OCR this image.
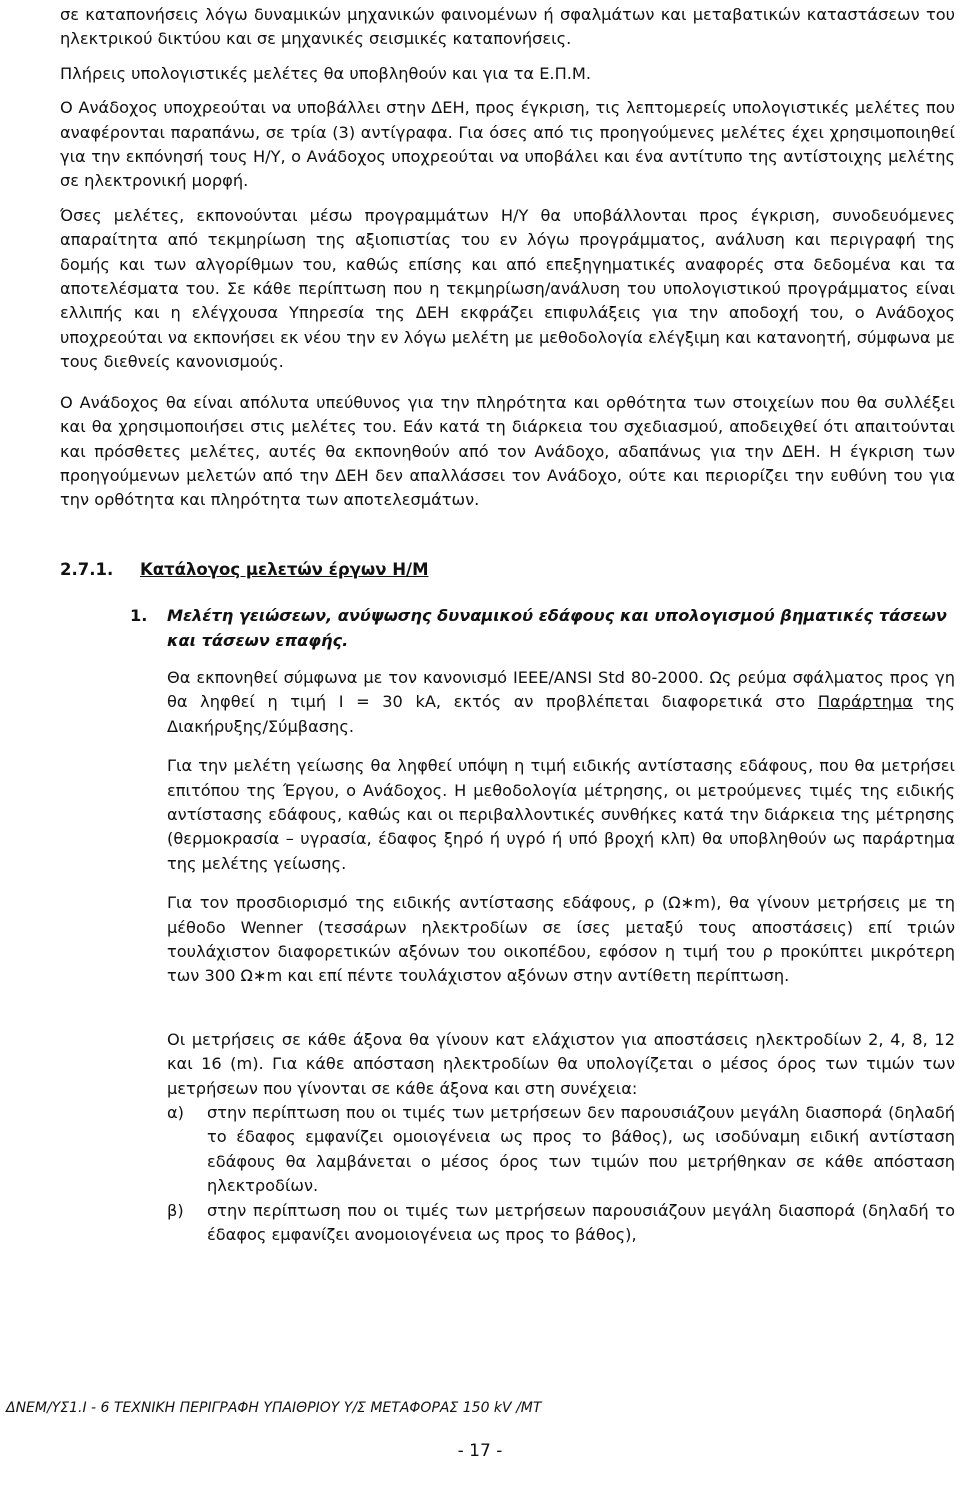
σε καταπονήσεις λόγω δυναμικών μηχανικών φαινομένων ή σφαλμάτων και μεταβατικών καταστάσεων του ηλεκτρικού δικτύου και σε μηχανικές σεισμικές καταπονήσεις.

Πλήρεις υπολογιστικές μελέτες θα υποβληθούν και για τα Ε.Π.Μ.

Ο Ανάδοχος υποχρεούται να υποβάλλει στην ΔΕΗ, προς έγκριση, τις λεπτομερείς υπολογιστικές μελέτες που αναφέρονται παραπάνω, σε τρία (3) αντίγραφα. Για όσες από τις προηγούμενες μελέτες έχει χρησιμοποιηθεί για την εκπόνησή τους Η/Υ, ο Ανάδοχος υποχρεούται να υποβάλει και ένα αντίτυπο της αντίστοιχης μελέτης σε ηλεκτρονική μορφή.

Όσες μελέτες, εκπονούνται μέσω προγραμμάτων Η/Υ θα υποβάλλονται προς έγκριση, συνοδευόμενες απαραίτητα από τεκμηρίωση της αξιοπιστίας του εν λόγω προγράμματος, ανάλυση και περιγραφή της δομής και των αλγορίθμων του, καθώς επίσης και από επεξηγηματικές αναφορές στα δεδομένα και τα αποτελέσματα του. Σε κάθε περίπτωση που η τεκμηρίωση/ανάλυση του υπολογιστικού προγράμματος είναι ελλιπής και η ελέγχουσα Υπηρεσία της ΔΕΗ εκφράζει επιφυλάξεις για την αποδοχή του, ο Ανάδοχος υποχρεούται να εκπονήσει εκ νέου την εν λόγω μελέτη με μεθοδολογία ελέγξιμη και κατανοητή, σύμφωνα με τους διεθνείς κανονισμούς.

Ο Ανάδοχος θα είναι απόλυτα υπεύθυνος για την πληρότητα και ορθότητα των στοιχείων που θα συλλέξει και θα χρησιμοποιήσει στις μελέτες του. Εάν κατά τη διάρκεια του σχεδιασμού, αποδειχθεί ότι απαιτούνται και πρόσθετες μελέτες, αυτές θα εκπονηθούν από τον Ανάδοχο, αδαπάνως για την ΔΕΗ. Η έγκριση των προηγούμενων μελετών από την ΔΕΗ δεν απαλλάσσει τον Ανάδοχο, ούτε και περιορίζει την ευθύνη του για την ορθότητα και πληρότητα των αποτελεσμάτων.

2.7.1. Κατάλογος μελετών έργων Η/Μ
1. Μελέτη γειώσεων, ανύψωσης δυναμικού εδάφους και υπολογισμού βηματικές τάσεων και τάσεων επαφής.

Θα εκπονηθεί σύμφωνα με τον κανονισμό IEEE/ANSI Std 80-2000. Ως ρεύμα σφάλματος προς γη θα ληφθεί η τιμή Ι = 30 kA, εκτός αν προβλέπεται διαφορετικά στο Παράρτημα της Διακήρυξης/Σύμβασης.

Για την μελέτη γείωσης θα ληφθεί υπόψη η τιμή ειδικής αντίστασης εδάφους, που θα μετρήσει επιτόπου της Έργου, ο Ανάδοχος. Η μεθοδολογία μέτρησης, οι μετρούμενες τιμές της ειδικής αντίστασης εδάφους, καθώς και οι περιβαλλοντικές συνθήκες κατά την διάρκεια της μέτρησης (θερμοκρασία – υγρασία, έδαφος ξηρό ή υγρό ή υπό βροχή κλπ) θα υποβληθούν ως παράρτημα της μελέτης γείωσης.

Για τον προσδιορισμό της ειδικής αντίστασης εδάφους, ρ (Ω∗m), θα γίνουν μετρήσεις με τη μέθοδο Wenner (τεσσάρων ηλεκτροδίων σε ίσες μεταξύ τους αποστάσεις) επί τριών τουλάχιστον διαφορετικών αξόνων του οικοπέδου, εφόσον η τιμή του ρ προκύπτει μικρότερη των 300 Ω∗m και επί πέντε τουλάχιστον αξόνων στην αντίθετη περίπτωση.

Οι μετρήσεις σε κάθε άξονα θα γίνουν κατ ελάχιστον για αποστάσεις ηλεκτροδίων 2, 4, 8, 12 και 16 (m). Για κάθε απόσταση ηλεκτροδίων θα υπολογίζεται ο μέσος όρος των τιμών των μετρήσεων που γίνονται σε κάθε άξονα και στη συνέχεια:

α) στην περίπτωση που οι τιμές των μετρήσεων δεν παρουσιάζουν μεγάλη διασπορά (δηλαδή το έδαφος εμφανίζει ομοιογένεια ως προς το βάθος), ως ισοδύναμη ειδική αντίσταση εδάφους θα λαμβάνεται ο μέσος όρος των τιμών που μετρήθηκαν σε κάθε απόσταση ηλεκτροδίων.
β) στην περίπτωση που οι τιμές των μετρήσεων παρουσιάζουν μεγάλη διασπορά (δηλαδή το έδαφος εμφανίζει ανομοιογένεια ως προς το βάθος),
ΔΝΕΜ/ΥΣ1.Ι - 6 ΤΕΧΝΙΚΗ ΠΕΡΙΓΡΑΦΗ ΥΠΑΙΘΡΙΟΥ Υ/Σ ΜΕΤΑΦΟΡΑΣ 150 kV /ΜΤ
- 17 -
